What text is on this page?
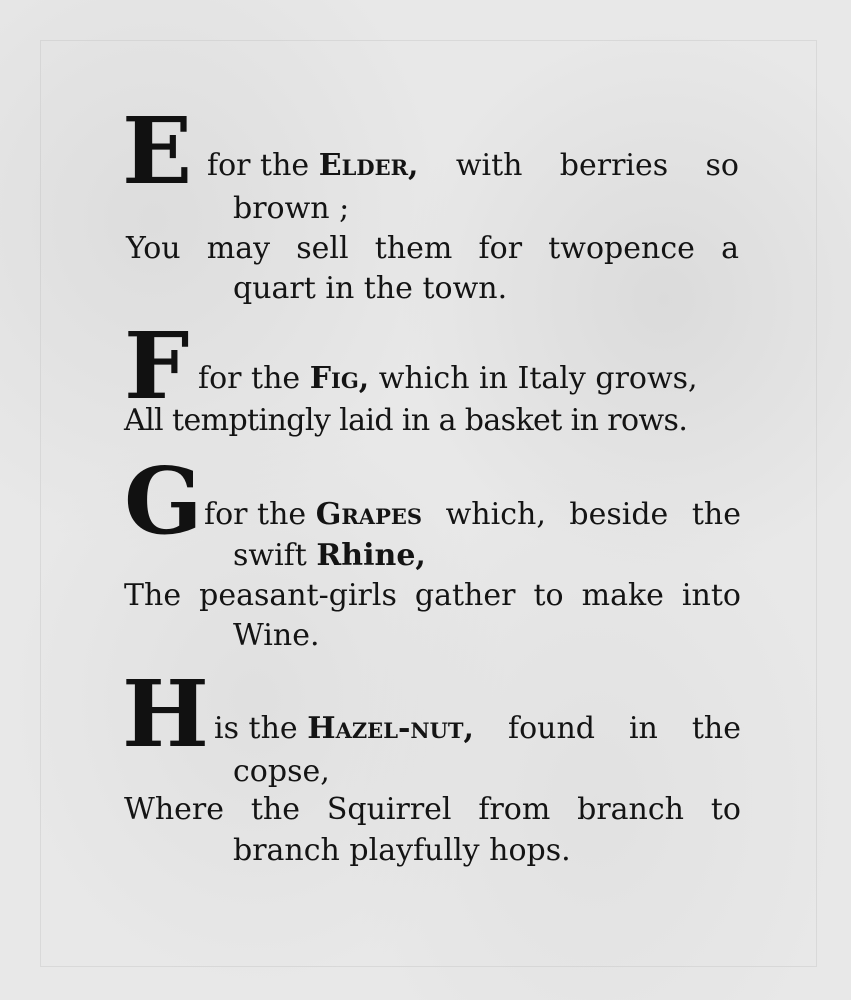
E for the Elder, with berries so
brown ;
You may sell them for twopence a
quart in the town.
F for the Fig, which in Italy grows,
All temptingly laid in a basket in rows.
G for the Grapes which, beside the
swift Rhine,
The peasant-girls gather to make into
Wine.
H is the Hazel-nut, found in the
copse,
Where the Squirrel from branch to
branch playfully hops.
